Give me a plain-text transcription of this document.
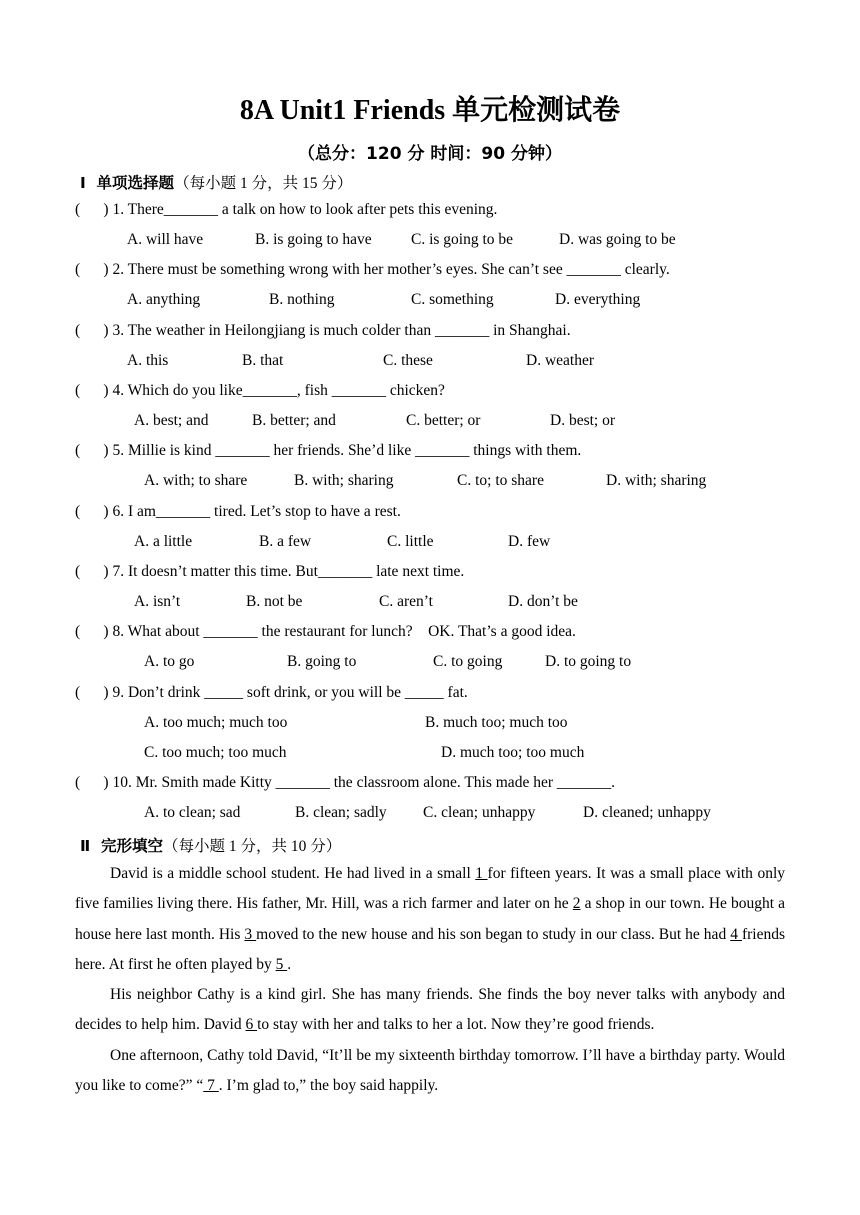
8A Unit1 Friends 单元检测试卷
（总分：120 分 时间：90 分钟）
Ⅰ  单项选择题（每小题 1 分，共 15 分）
(      ) 1. There_______ a talk on how to look after pets this evening.
A. will have	B. is going to have	C. is going to be	D. was going to be
(      ) 2. There must be something wrong with her mother’s eyes. She can’t see _______ clearly.
A. anything	B. nothing	C. something	D. everything
(      ) 3. The weather in Heilongjiang is much colder than _______ in Shanghai.
A. this	B. that	C. these	D. weather
(      ) 4. Which do you like_______, fish _______ chicken?
A. best; and	B. better; and	C. better; or	D. best; or
(      ) 5. Millie is kind _______ her friends. She’d like _______ things with them.
A. with; to share	B. with; sharing	C. to; to share	D. with; sharing
(      ) 6. I am_______ tired. Let’s stop to have a rest.
A. a little	B. a few	C. little	D. few
(      ) 7. It doesn’t matter this time. But_______ late next time.
A. isn’t	B. not be	C. aren’t	D. don’t be
(      ) 8. What about _______ the restaurant for lunch?    OK. That’s a good idea.
A. to go	B. going to	C. to going	D. to going to
(      ) 9. Don’t drink _____ soft drink, or you will be _____ fat.
A. too much; much too	B. much too; much too
C. too much; too much	D. much too; too much
(      ) 10. Mr. Smith made Kitty _______ the classroom alone. This made her _______.
A. to clean; sad	B. clean; sadly C. clean; unhappy	D. cleaned; unhappy
Ⅱ  完形填空（每小题 1 分，共 10 分）

David is a middle school student. He had lived in a small 1 for fifteen years. It was a small place with only five families living there. His father, Mr. Hill, was a rich farmer and later on he 2 a shop in our town. He bought a house here last month. His 3 moved to the new house and his son began to study in our class. But he had 4 friends here. At first he often played by 5 .

His neighbor Cathy is a kind girl. She has many friends. She finds the boy never talks with anybody and decides to help him. David 6 to stay with her and talks to her a lot. Now they’re good friends.

One afternoon, Cathy told David, “It’ll be my sixteenth birthday tomorrow. I’ll have a birthday party. Would you like to come?” “ 7 . I’m glad to,” the boy said happily.
